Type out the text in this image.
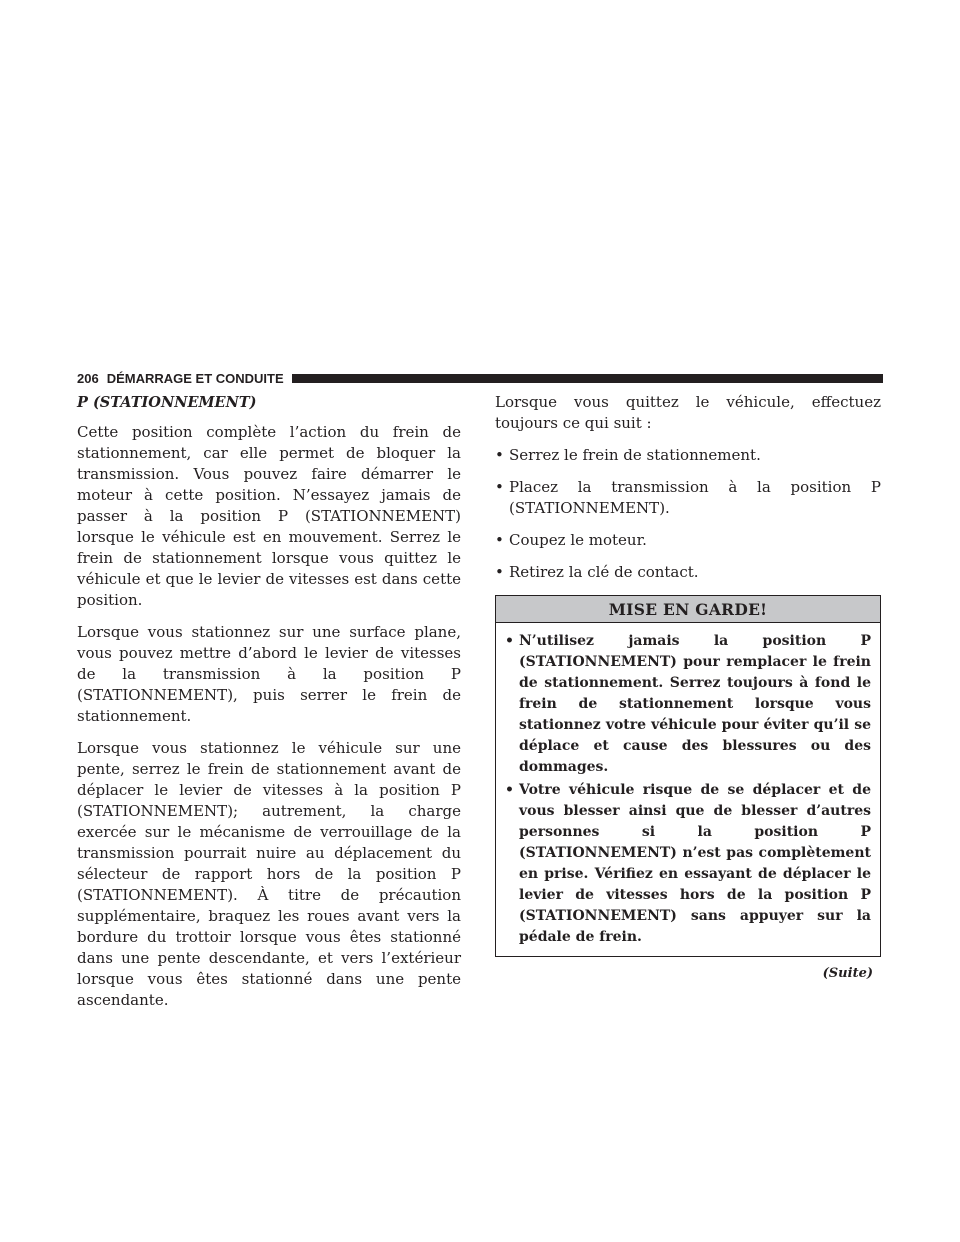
206 DÉMARRAGE ET CONDUITE
P (STATIONNEMENT)

Cette position complète l’action du frein de stationnement, car elle permet de bloquer la transmission. Vous pouvez faire démarrer le moteur à cette position. N’essayez jamais de passer à la position P (STATIONNEMENT) lorsque le véhicule est en mouvement. Serrez le frein de stationnement lorsque vous quittez le véhicule et que le levier de vitesses est dans cette position.

Lorsque vous stationnez sur une surface plane, vous pouvez mettre d’abord le levier de vitesses de la transmission à la position P (STATIONNEMENT), puis serrer le frein de stationnement.

Lorsque vous stationnez le véhicule sur une pente, serrez le frein de stationnement avant de déplacer le levier de vitesses à la position P (STATIONNEMENT); autrement, la charge exercée sur le mécanisme de verrouillage de la transmission pourrait nuire au déplacement du sélecteur de rapport hors de la position P (STATIONNEMENT). À titre de précaution supplémentaire, braquez les roues avant vers la bordure du trottoir lorsque vous êtes stationné dans une pente descendante, et vers l’extérieur lorsque vous êtes stationné dans une pente ascendante.

Lorsque vous quittez le véhicule, effectuez toujours ce qui suit :

• Serrez le frein de stationnement.
• Placez la transmission à la position P (STATIONNEMENT).
• Coupez le moteur.
• Retirez la clé de contact.
MISE EN GARDE!
• N’utilisez jamais la position P (STATIONNEMENT) pour remplacer le frein de stationnement. Serrez toujours à fond le frein de stationnement lorsque vous stationnez votre véhicule pour éviter qu’il se déplace et cause des blessures ou des dommages.
• Votre véhicule risque de se déplacer et de vous blesser ainsi que de blesser d’autres personnes si la position P (STATIONNEMENT) n’est pas complètement en prise. Vérifiez en essayant de déplacer le levier de vitesses hors de la position P (STATIONNEMENT) sans appuyer sur la pédale de frein.
(Suite)
